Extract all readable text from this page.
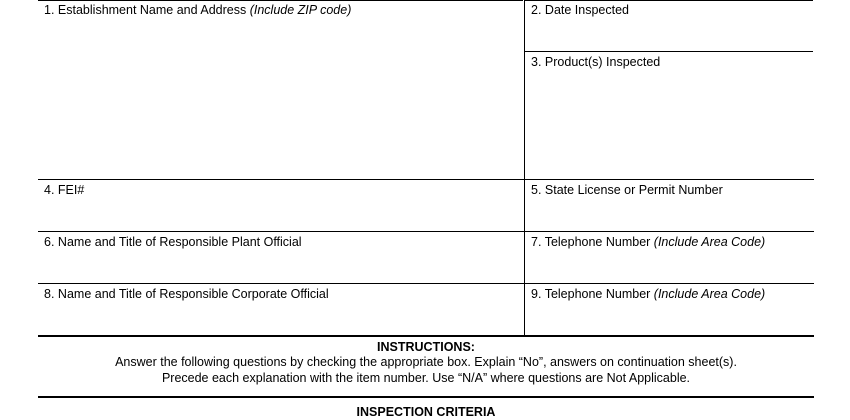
1. Establishment Name and Address (Include ZIP code)	2. Date Inspected
3. Product(s) Inspected
4. FEI#	5. State License or Permit Number
6. Name and Title of Responsible Plant Official	7. Telephone Number (Include Area Code)
8. Name and Title of Responsible Corporate Official	9. Telephone Number (Include Area Code)
INSTRUCTIONS:
Answer the following questions by checking the appropriate box. Explain “No”, answers on continuation sheet(s).
Precede each explanation with the item number. Use “N/A” where questions are Not Applicable.
INSPECTION CRITERIA
